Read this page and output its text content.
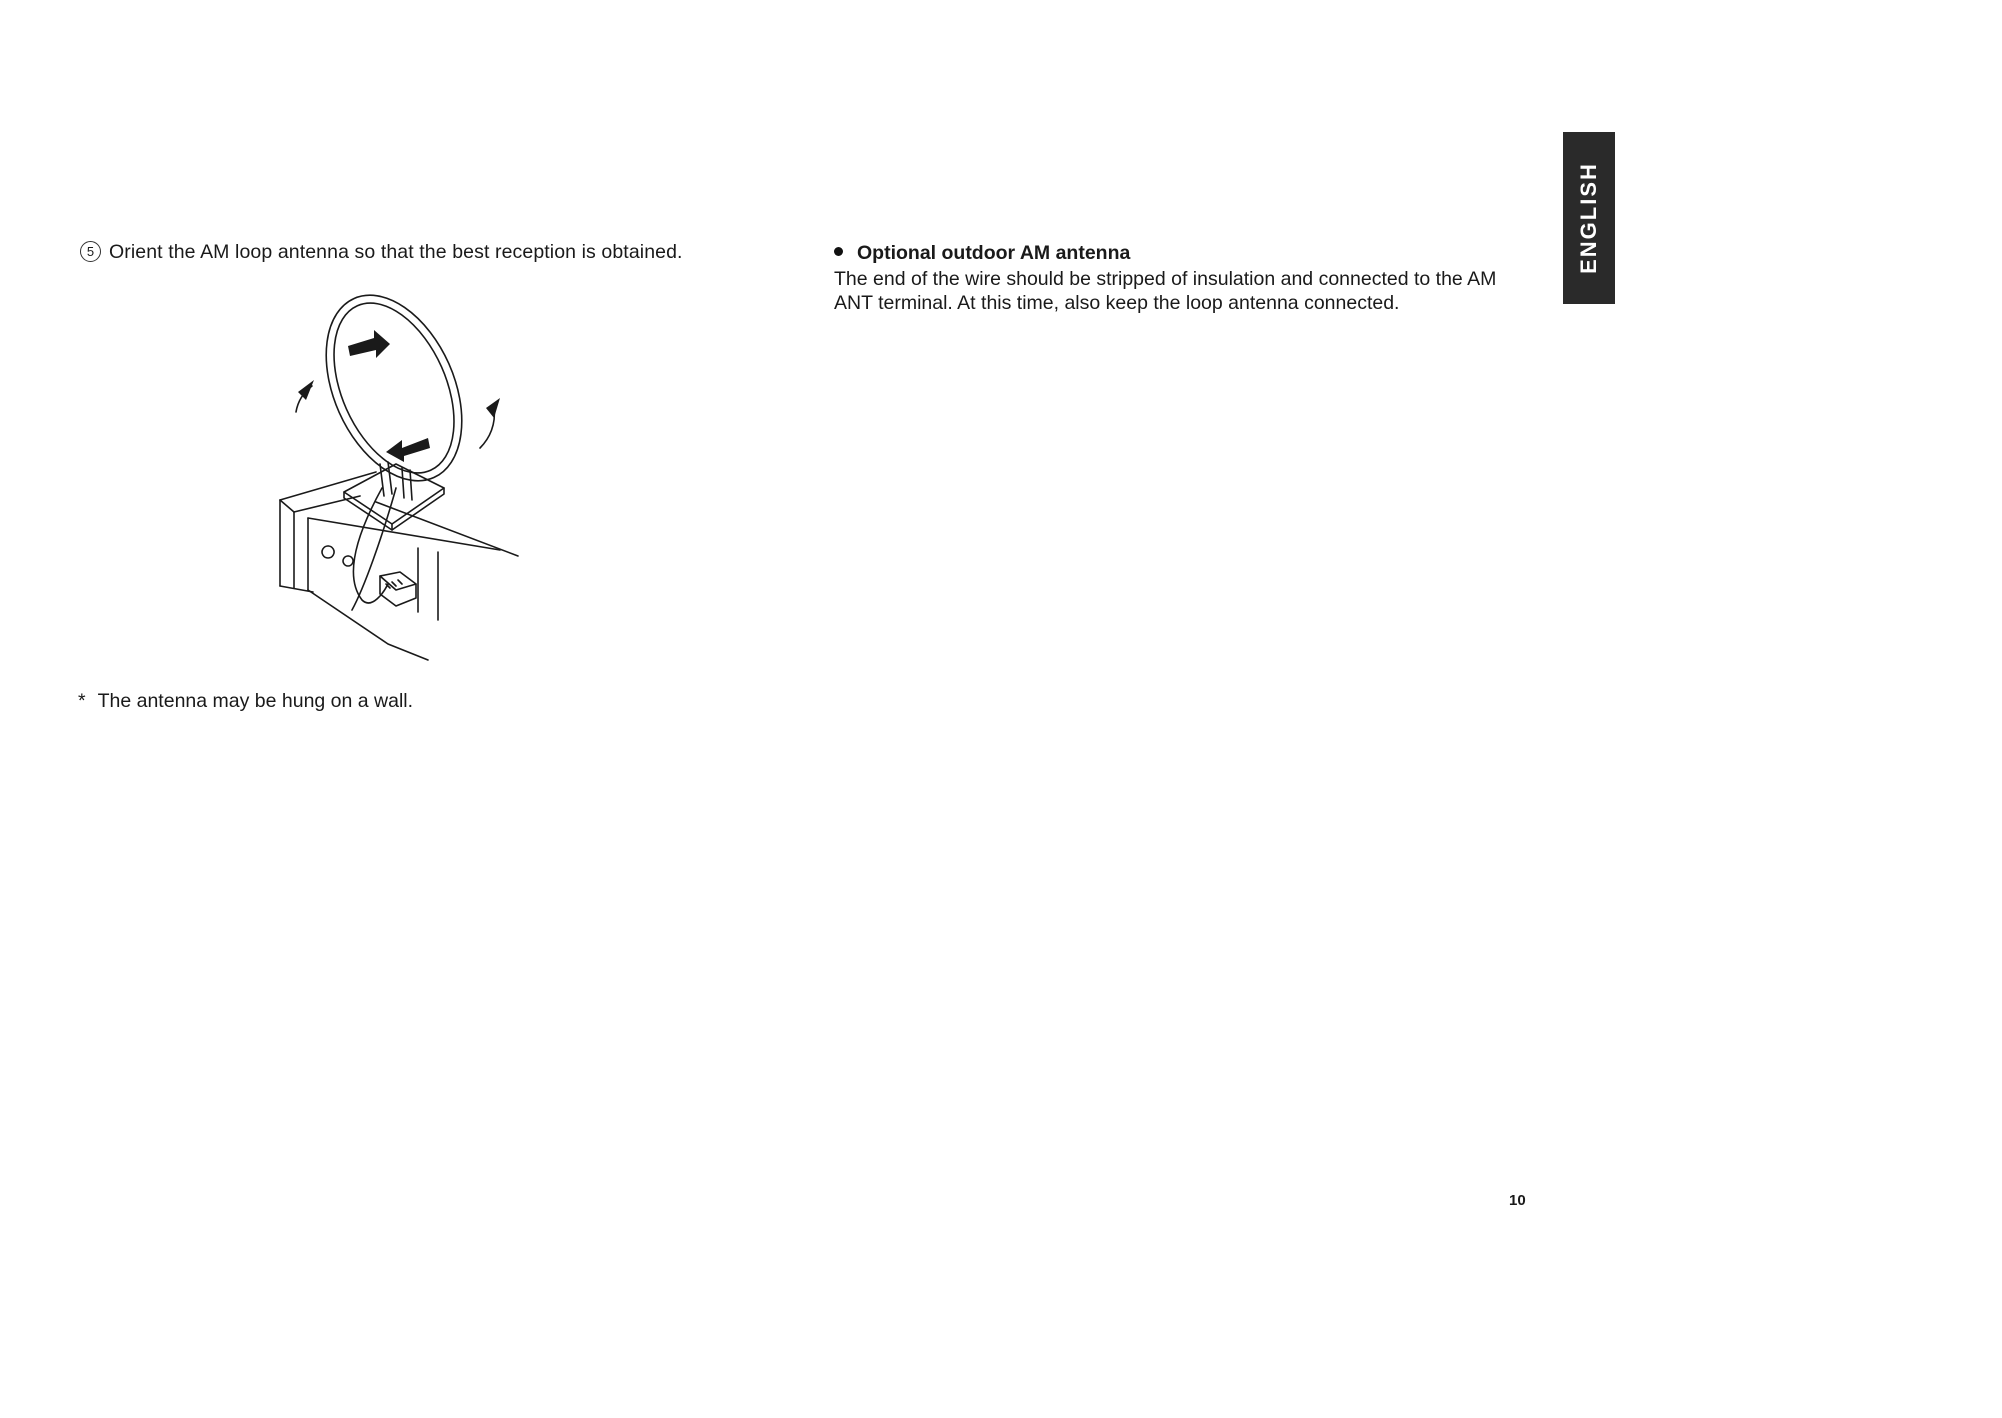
5 Orient the AM loop antenna so that the best reception is obtained.
* The antenna may be hung on a wall.

Optional outdoor AM antenna

The end of the wire should be stripped of insulation and connected to the AM ANT terminal. At this time, also keep the loop antenna connected.

ENGLISH
10
